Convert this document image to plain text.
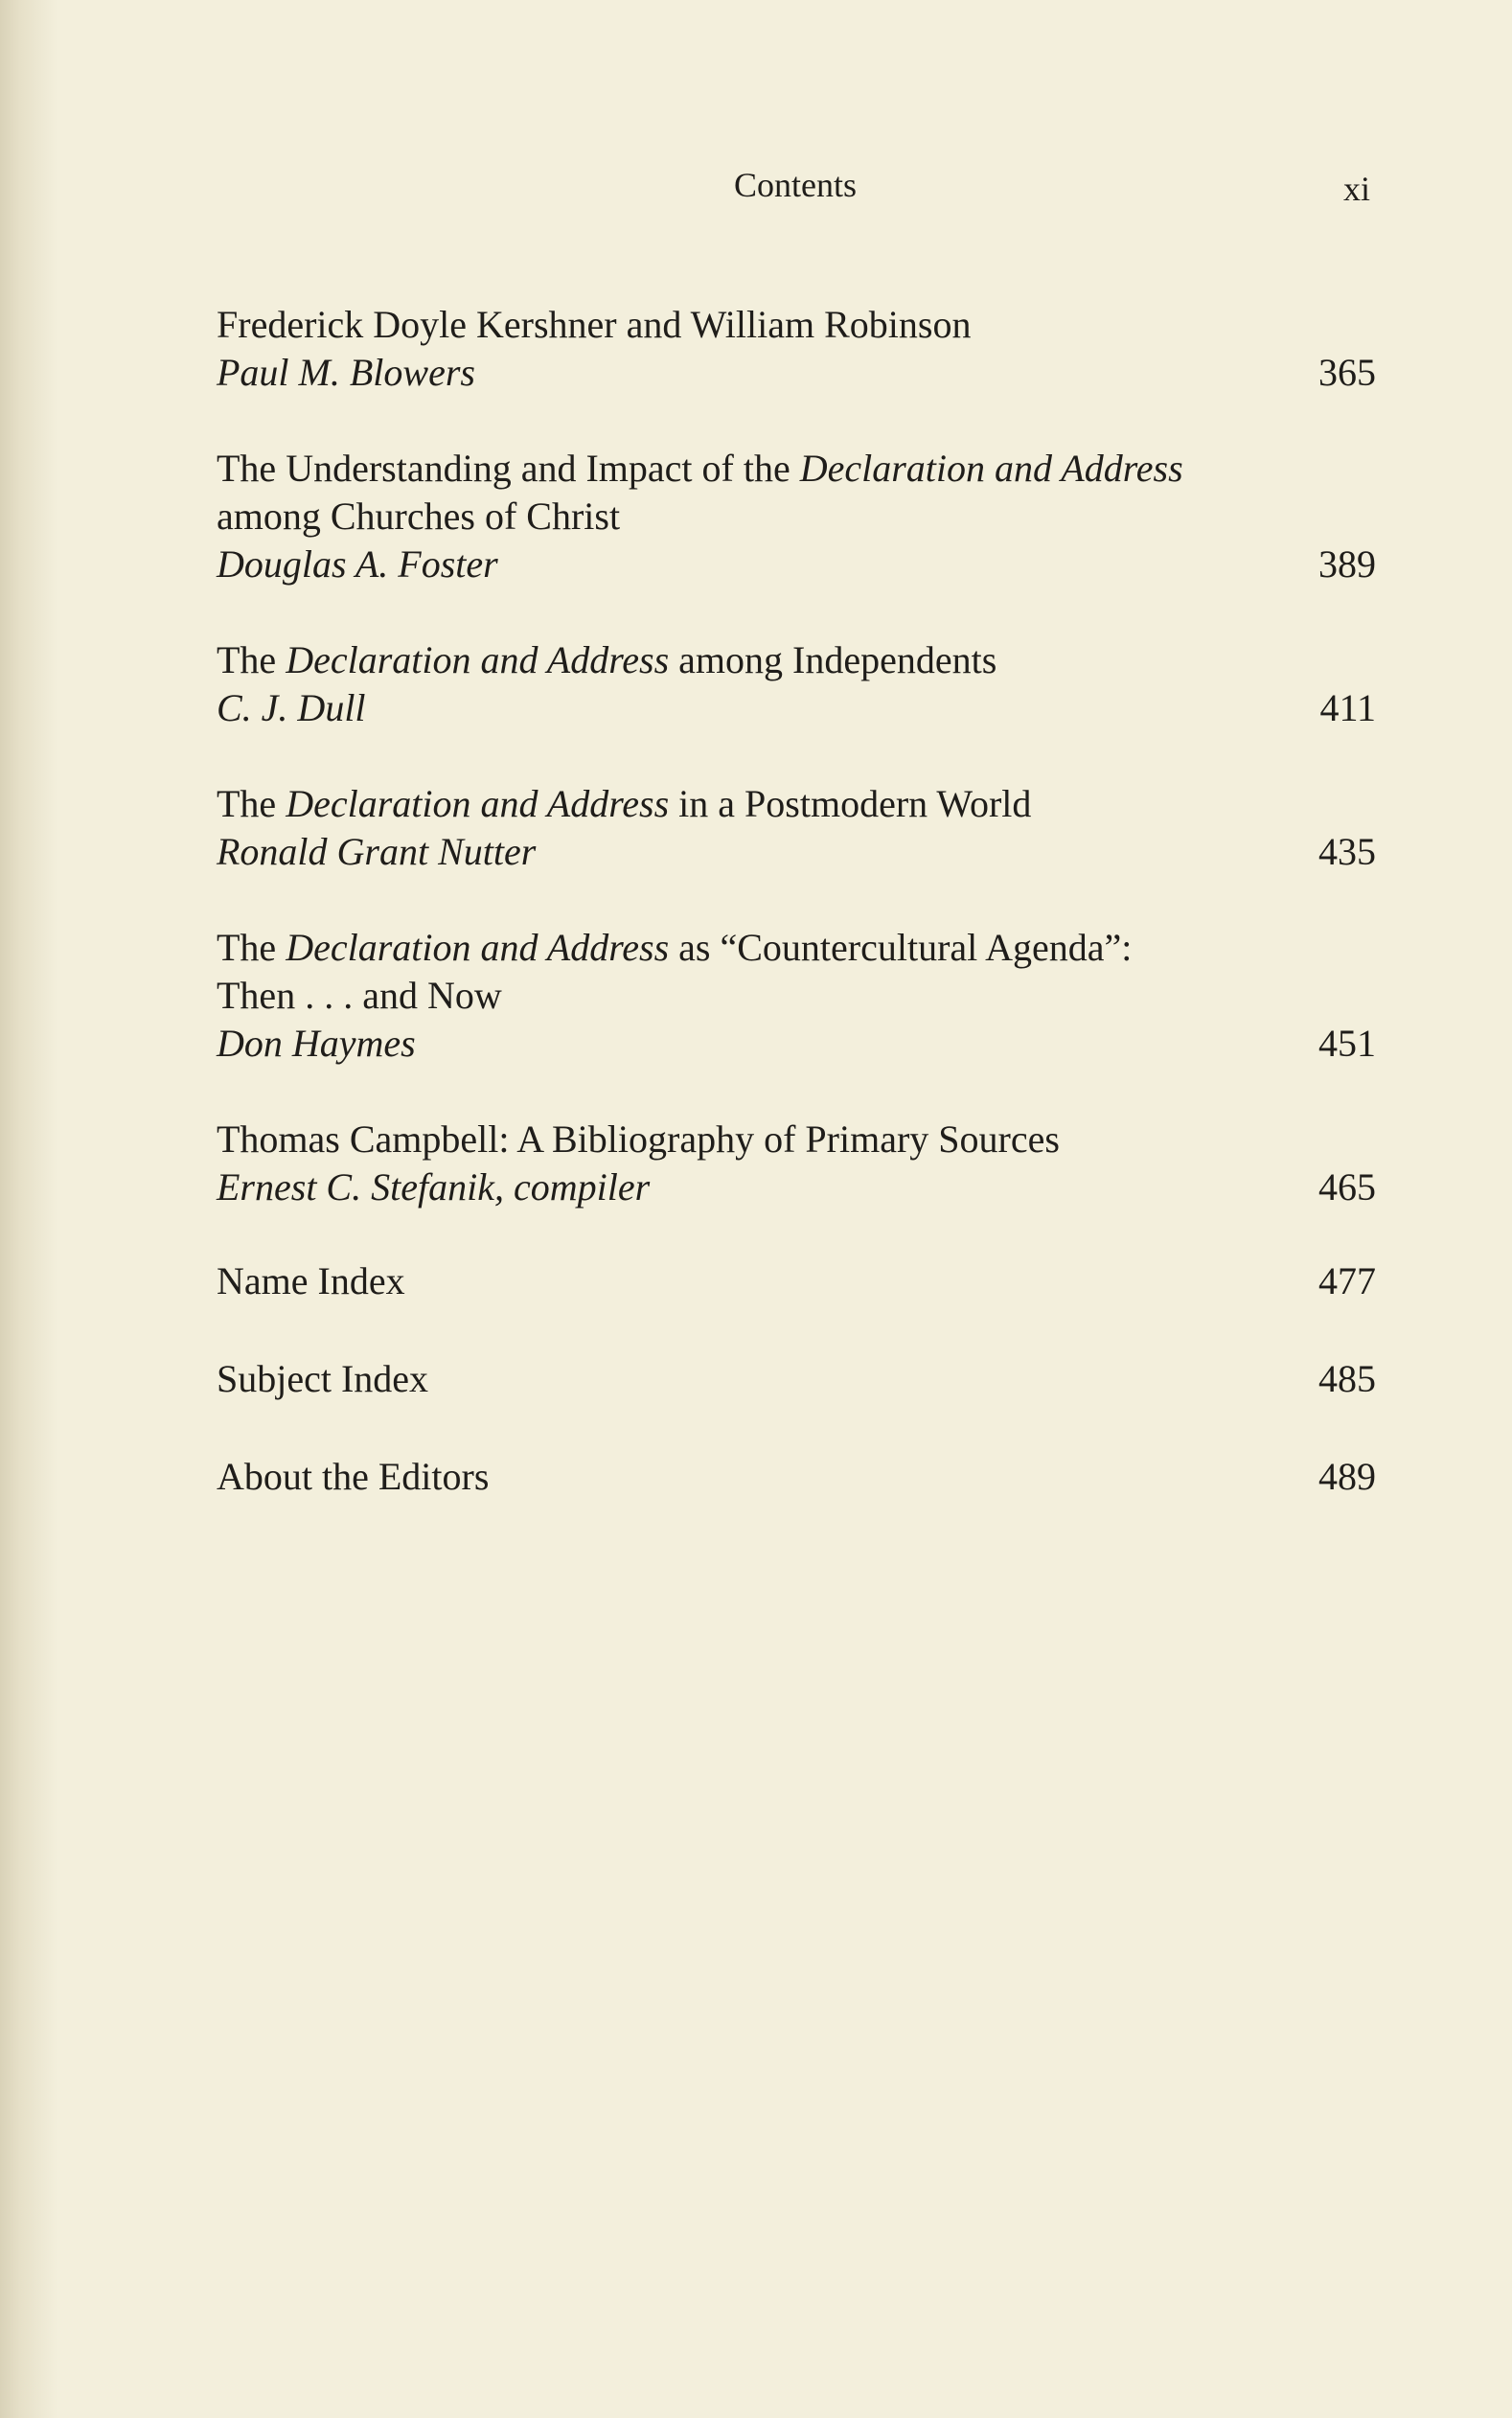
Contents	xi
Frederick Doyle Kershner and William Robinson
Paul M. Blowers	365
The Understanding and Impact of the Declaration and Address
among Churches of Christ
Douglas A. Foster	389
The Declaration and Address among Independents
C. J. Dull	411
The Declaration and Address in a Postmodern World
Ronald Grant Nutter	435
The Declaration and Address as “Countercultural Agenda”:
Then . . . and Now
Don Haymes	451
Thomas Campbell: A Bibliography of Primary Sources
Ernest C. Stefanik, compiler	465
Name Index	477
Subject Index	485
About the Editors	489
